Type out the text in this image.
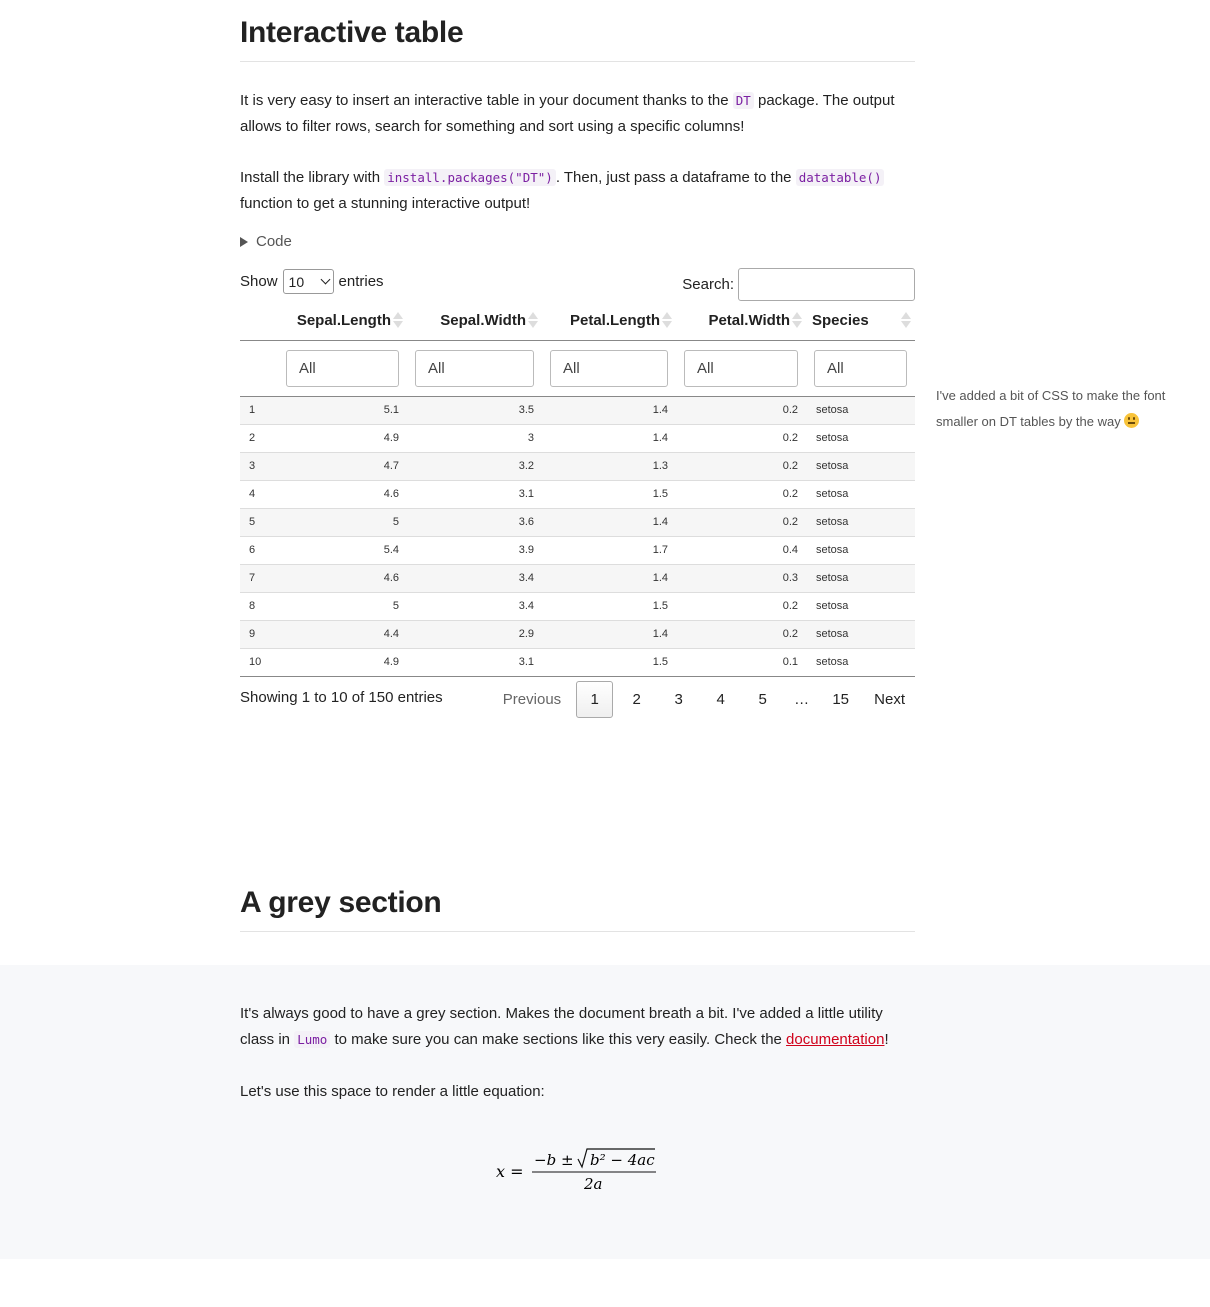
Interactive table

It is very easy to insert an interactive table in your document thanks to the DT package. The output
allows to filter rows, search for something and sort using a specific columns!

Install the library with install.packages("DT") . Then, just pass a dataframe to the datatable()
function to get a stunning interactive output!

Code
Show 10 entries	Search:
	Sepal.Length	Sepal.Width	Petal.Length	Petal.Width	Species

All	All	All	All	All

1	5.1	3.5	1.4	0.2	setosa
2	4.9	3	1.4	0.2	setosa
3	4.7	3.2	1.3	0.2	setosa
4	4.6	3.1	1.5	0.2	setosa
5	5	3.6	1.4	0.2	setosa
6	5.4	3.9	1.7	0.4	setosa
7	4.6	3.4	1.4	0.3	setosa
8	5	3.4	1.5	0.2	setosa
9	4.4	2.9	1.4	0.2	setosa
10	4.9	3.1	1.5	0.1	setosa
Showing 1 to 10 of 150 entries	Previous	1	2	3	4	5	…	15	Next
A grey section
I've added a bit of CSS to make the font
smaller on DT tables by the way

It's always good to have a grey section. Makes the document breath a bit. I've added a little utility
class in Lumo to make sure you can make sections like this very easily. Check the documentation!

Let's use this space to render a little equation:

x =
−b ± b² − 4ac
2a
